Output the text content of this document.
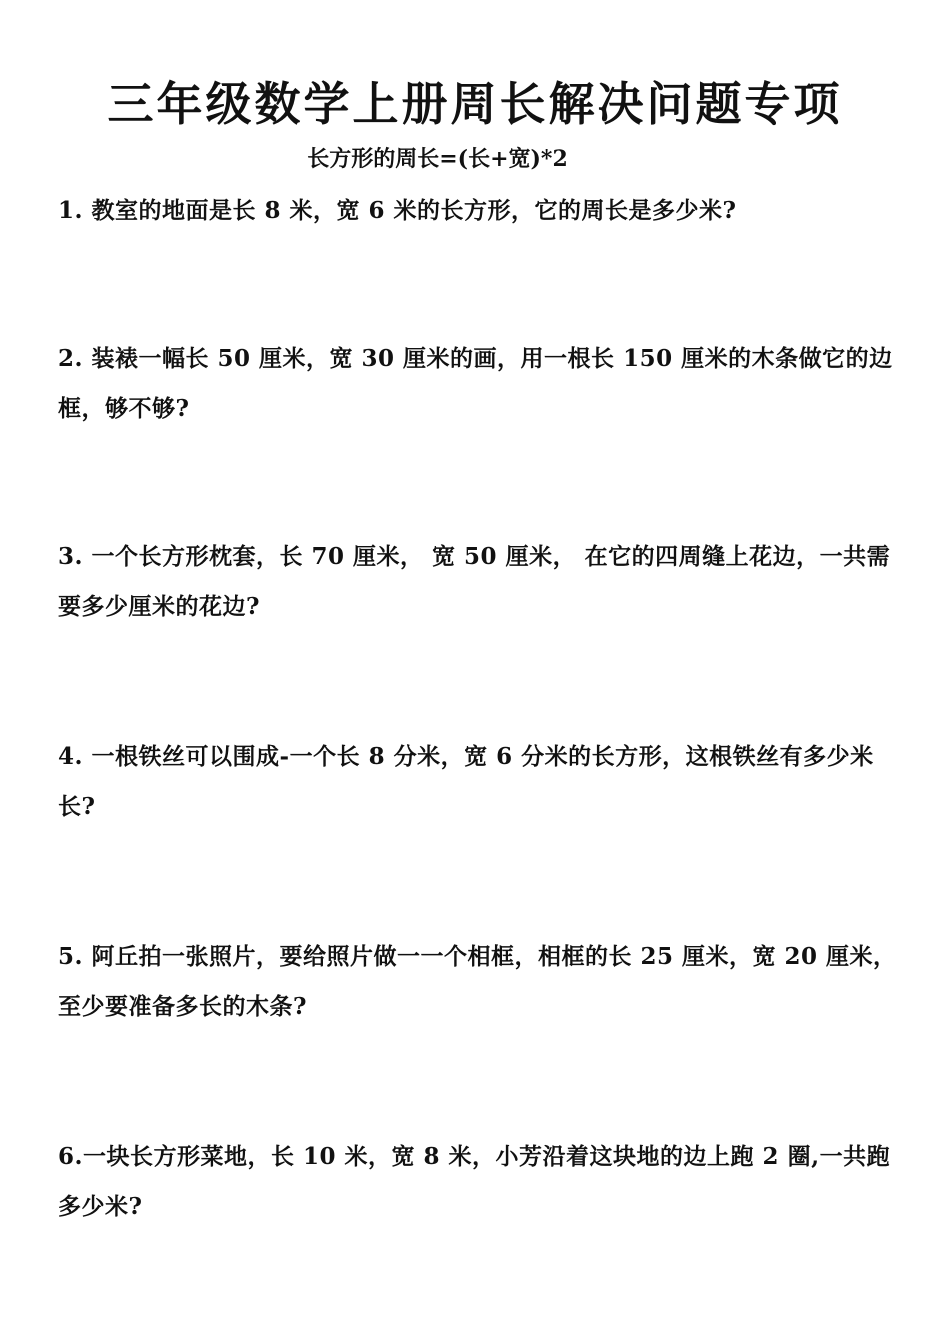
三年级数学上册周长解决问题专项
长方形的周长=(长+宽)*2

1. 教室的地面是长 8 米，宽 6 米的长方形，它的周长是多少米?

2. 装裱一幅长 50 厘米，宽 30 厘米的画，用一根长 150 厘米的木条做它的边框，够不够?

3. 一个长方形枕套，长 70 厘米， 宽 50 厘米， 在它的四周缝上花边，一共需要多少厘米的花边?

4. 一根铁丝可以围成-一个长 8 分米，宽 6 分米的长方形，这根铁丝有多少米长?

5. 阿丘拍一张照片，要给照片做一一个相框，相框的长 25 厘米，宽 20 厘米，至少要准备多长的木条?

6.一块长方形菜地，长 10 米，宽 8 米，小芳沿着这块地的边上跑 2 圈,一共跑多少米?
